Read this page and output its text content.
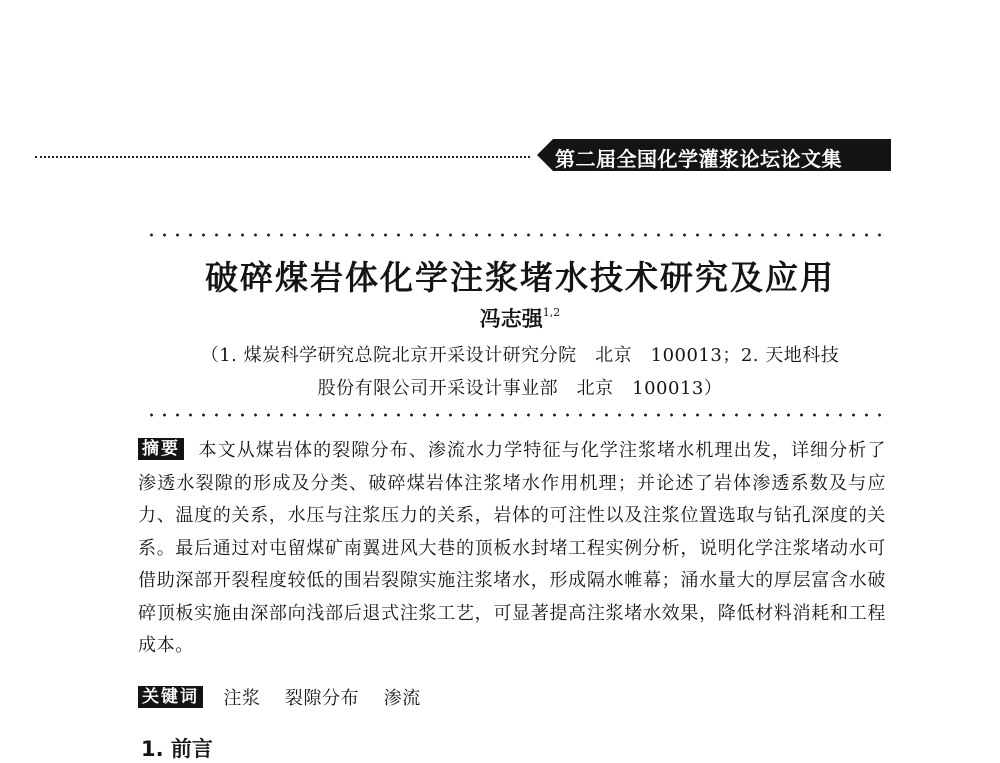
第二届全国化学灌浆论坛论文集
破碎煤岩体化学注浆堵水技术研究及应用
冯志强$^{1,2}$
（1. 煤炭科学研究总院北京开采设计研究分院　北京　100013；2. 天地科技
股份有限公司开采设计事业部　北京　100013）
摘要 本文从煤岩体的裂隙分布、渗流水力学特征与化学注浆堵水机理出发，详细分析了渗透水裂隙的形成及分类、破碎煤岩体注浆堵水作用机理；并论述了岩体渗透系数及与应力、温度的关系，水压与注浆压力的关系，岩体的可注性以及注浆位置选取与钻孔深度的关系。最后通过对屯留煤矿南翼进风大巷的顶板水封堵工程实例分析，说明化学注浆堵动水可借助深部开裂程度较低的围岩裂隙实施注浆堵水，形成隔水帷幕；涌水量大的厚层富含水破碎顶板实施由深部向浅部后退式注浆工艺，可显著提高注浆堵水效果，降低材料消耗和工程成本。
关键词 注浆 裂隙分布 渗流
1. 前言
